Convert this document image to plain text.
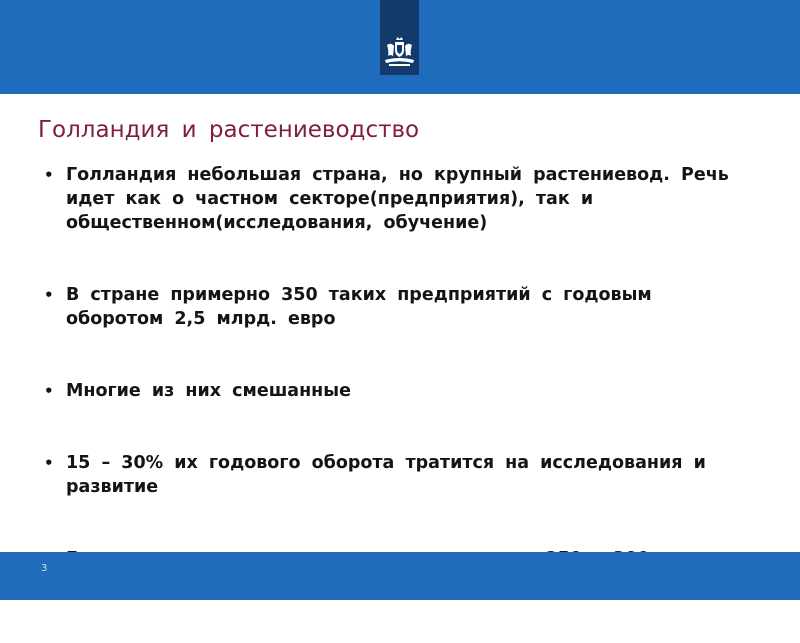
Голландия и растениеводство
• Голландия небольшая страна, но крупный растениевод. Речь идет как о частном секторе(предприятия), так и общественном(исследования, обучение)
• В стране примерно 350 таких предприятий с годовым оборотом 2,5 млрд. евро
• Многие из них смешанные
• 15 – 30% их годового оборота тратится на исследования и развитие
3
